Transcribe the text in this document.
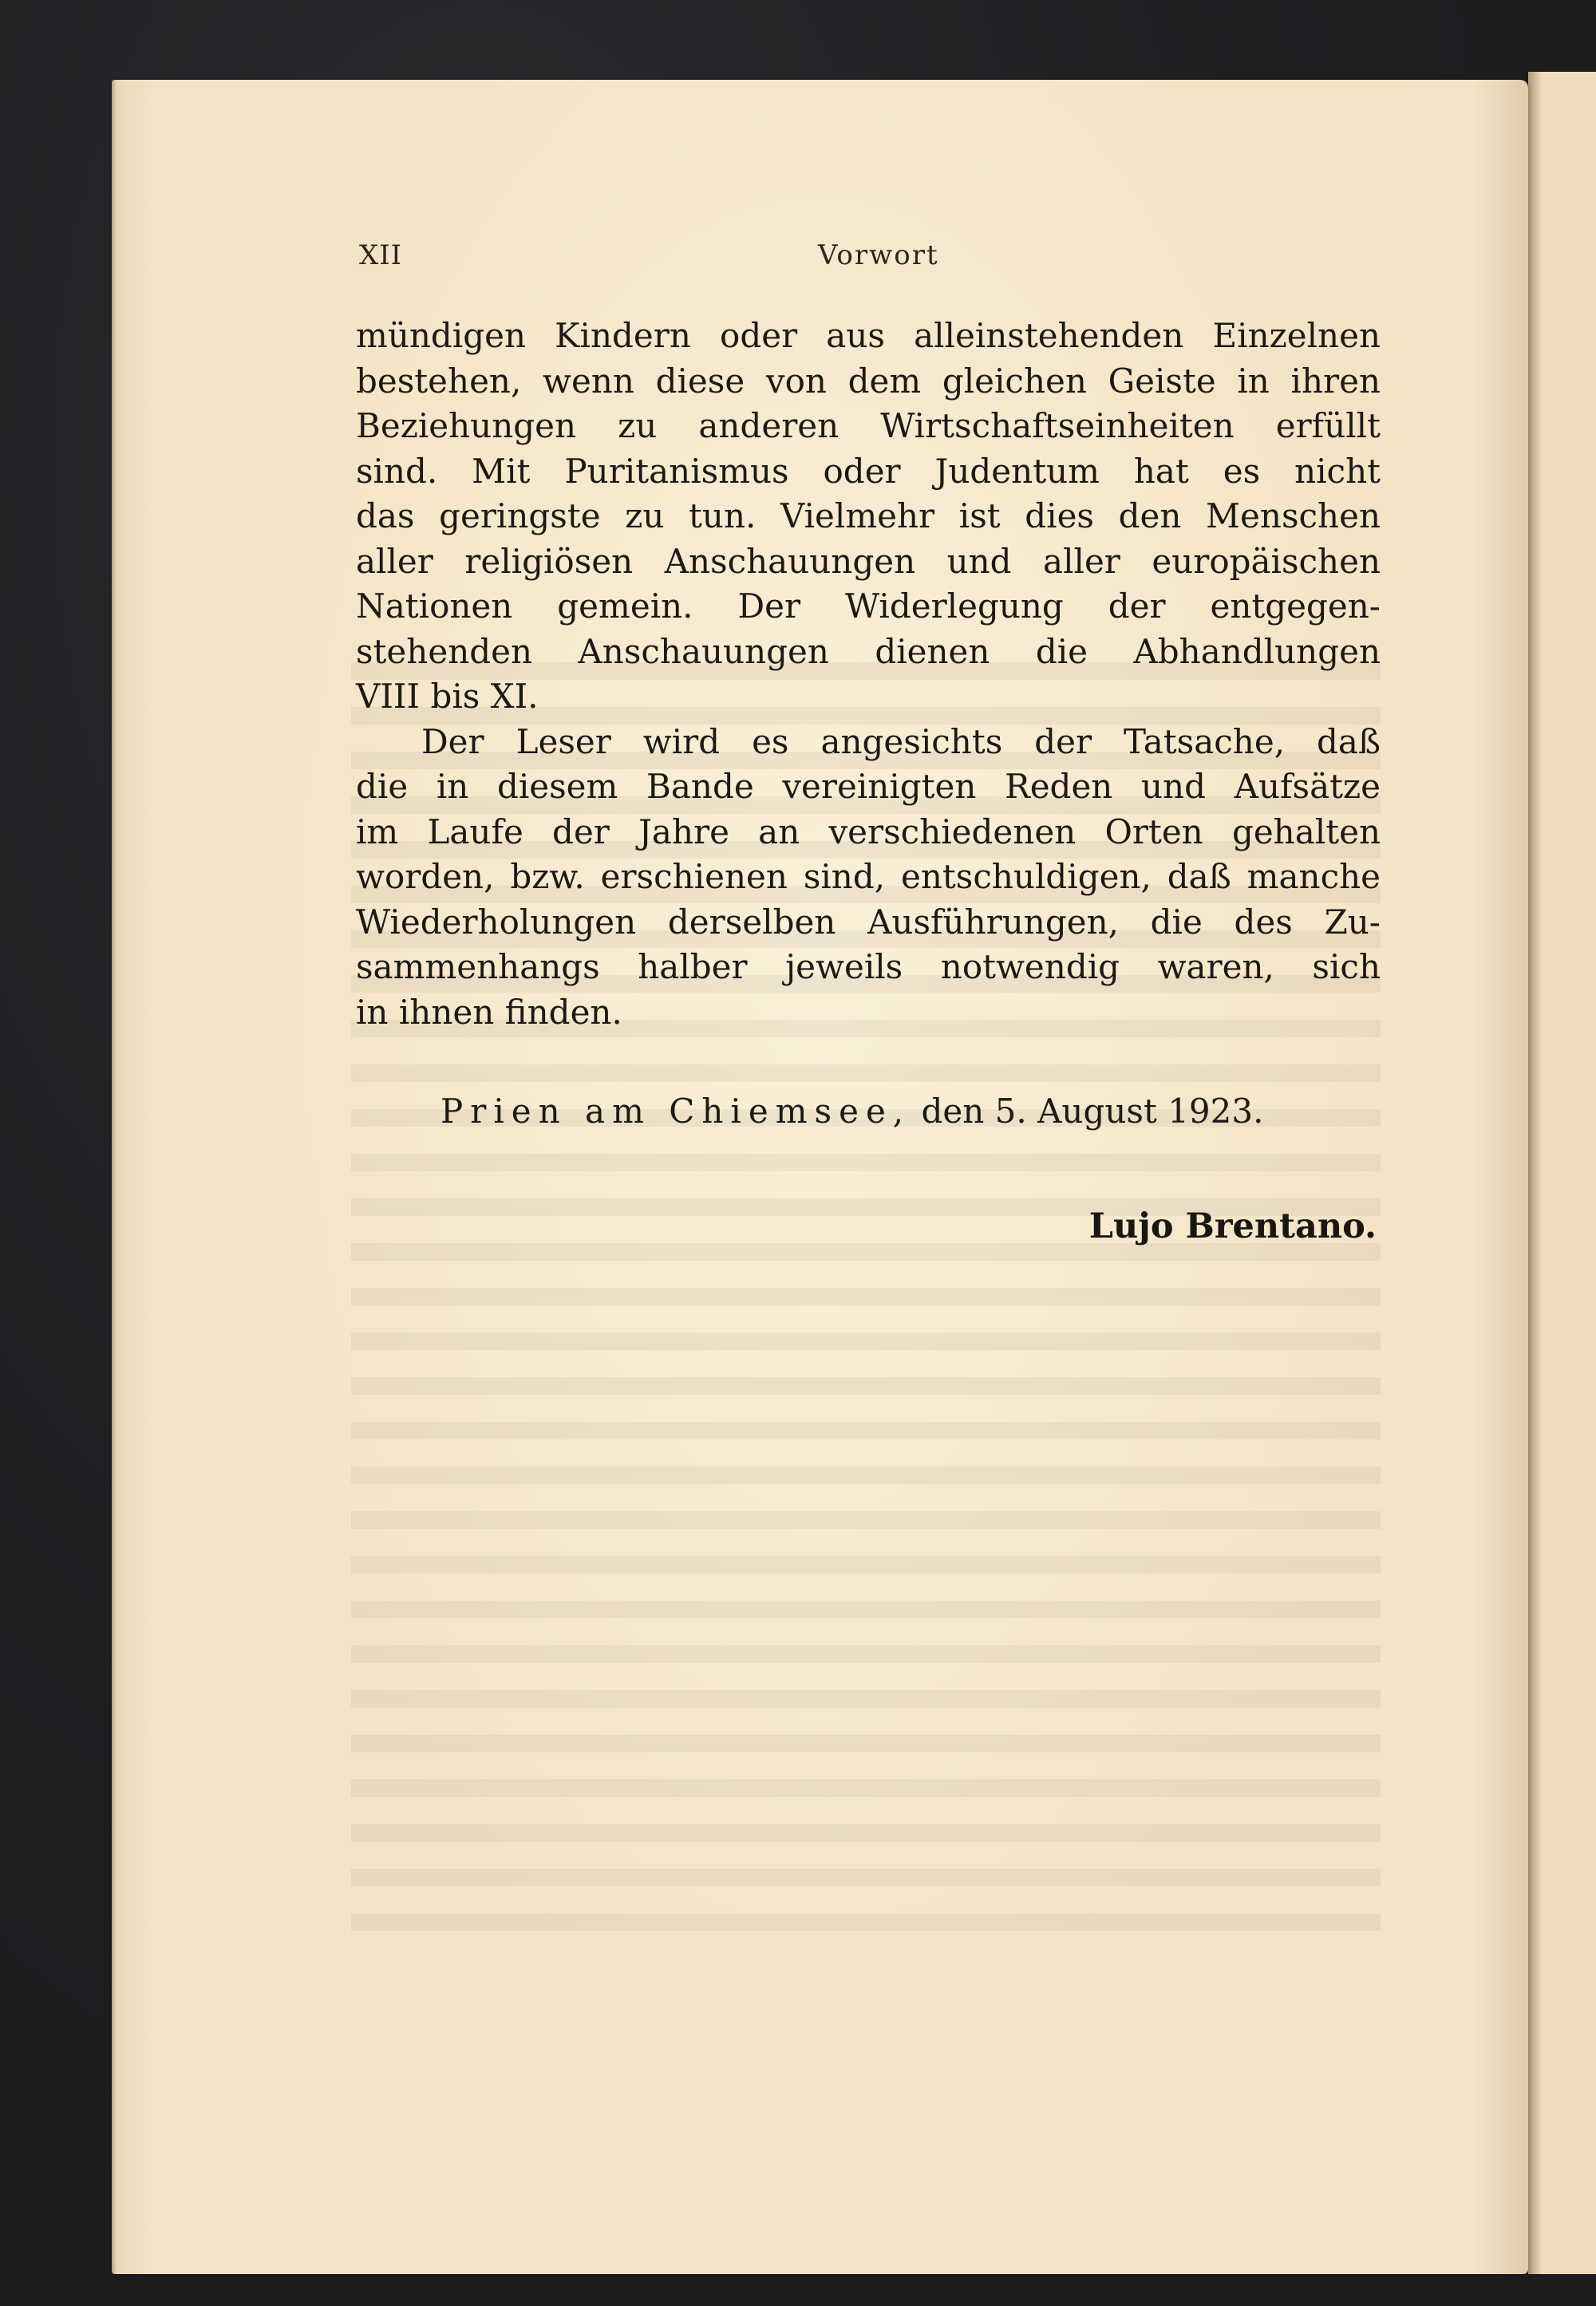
XII	Vorwort

mündigen Kindern oder aus alleinstehenden Einzelnen
bestehen, wenn diese von dem gleichen Geiste in ihren
Beziehungen zu anderen Wirtschaftseinheiten erfüllt
sind. Mit Puritanismus oder Judentum hat es nicht
das geringste zu tun. Vielmehr ist dies den Menschen
aller religiösen Anschauungen und aller europäischen
Nationen gemein. Der Widerlegung der entgegen-
stehenden Anschauungen dienen die Abhandlungen
VIII bis XI.

Der Leser wird es angesichts der Tatsache, daß
die in diesem Bande vereinigten Reden und Aufsätze
im Laufe der Jahre an verschiedenen Orten gehalten
worden, bzw. erschienen sind, entschuldigen, daß manche
Wiederholungen derselben Ausführungen, die des Zu-
sammenhangs halber jeweils notwendig waren, sich
in ihnen finden.

Prien am Chiemsee, den 5. August 1923.
Lujo Brentano.
